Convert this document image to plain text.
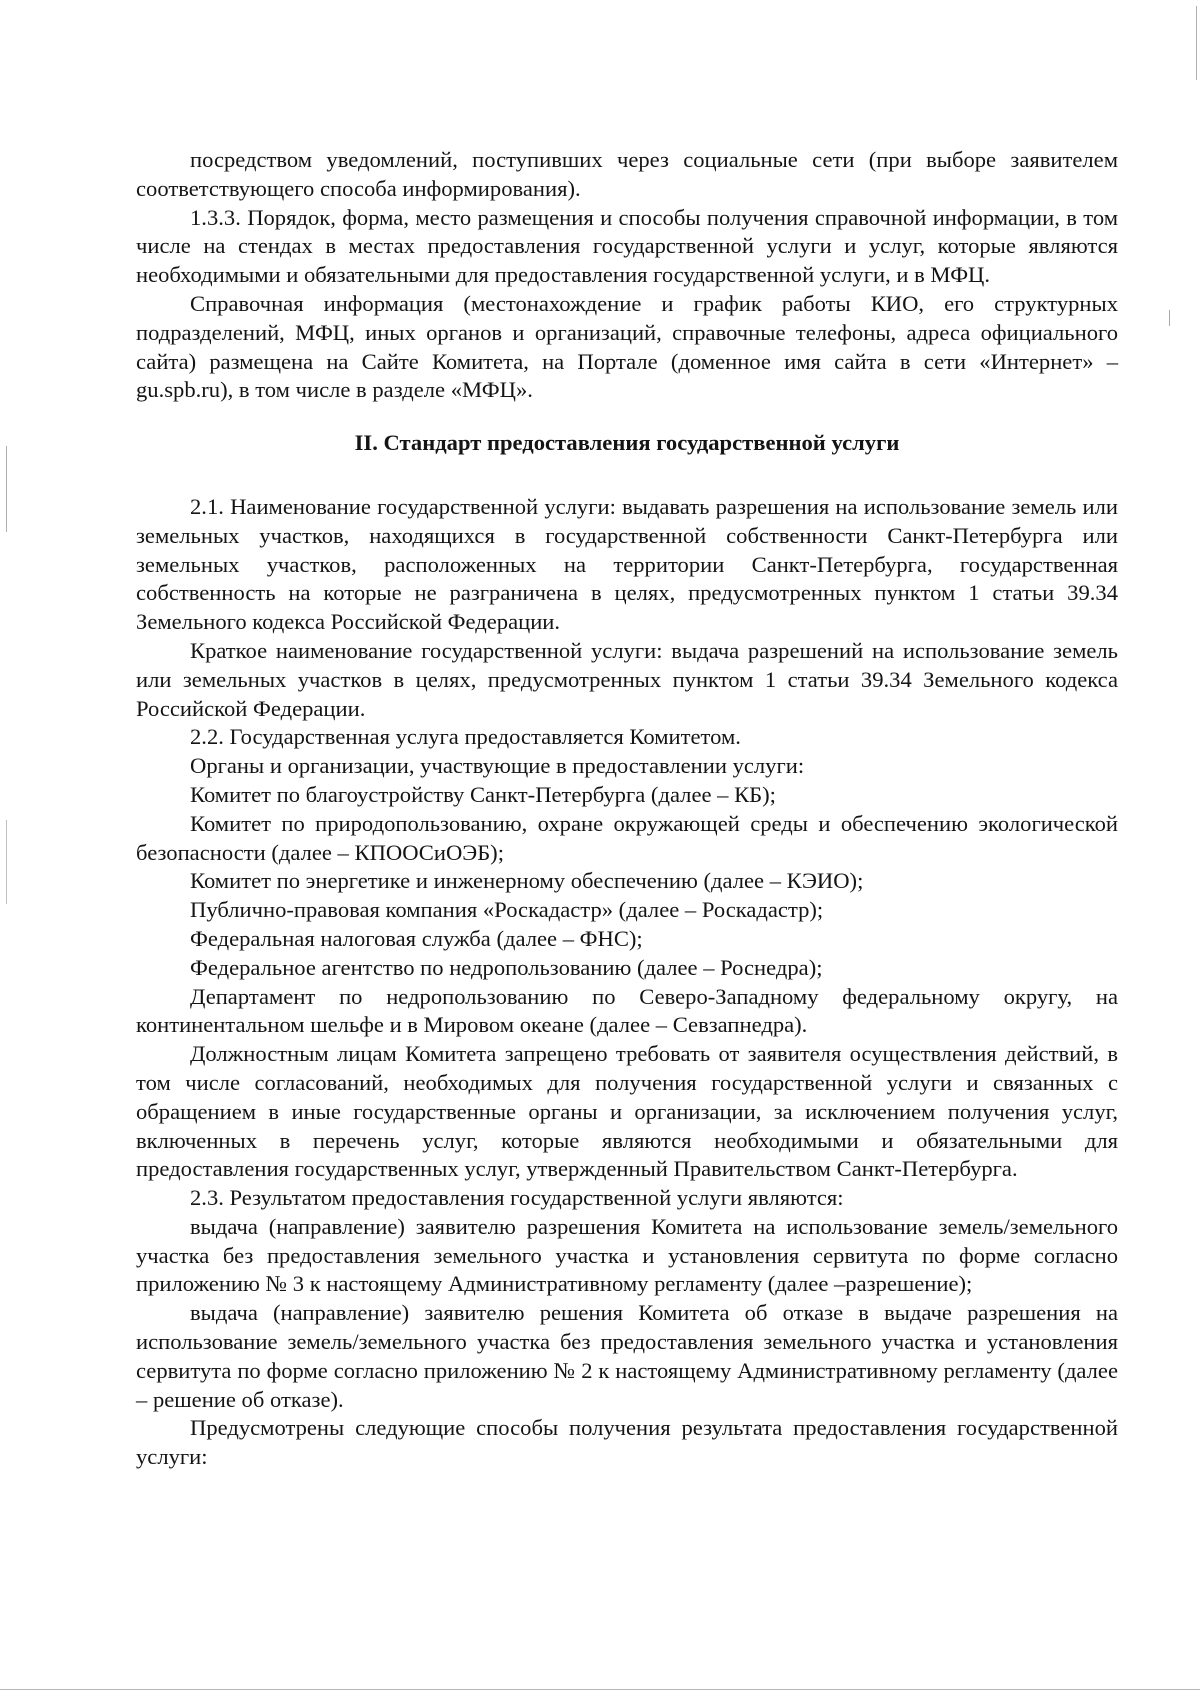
посредством уведомлений, поступивших через социальные сети (при выборе заявителем соответствующего способа информирования).

1.3.3. Порядок, форма, место размещения и способы получения справочной информации, в том числе на стендах в местах предоставления государственной услуги и услуг, которые являются необходимыми и обязательными для предоставления государственной услуги, и в МФЦ.

Справочная информация (местонахождение и график работы КИО, его структурных подразделений, МФЦ, иных органов и организаций, справочные телефоны, адреса официального сайта) размещена на Сайте Комитета, на Портале (доменное имя сайта в сети «Интернет» – gu.spb.ru), в том числе в разделе «МФЦ».

II. Стандарт предоставления государственной услуги

2.1. Наименование государственной услуги: выдавать разрешения на использование земель или земельных участков, находящихся в государственной собственности Санкт-Петербурга или земельных участков, расположенных на территории Санкт-Петербурга, государственная собственность на которые не разграничена в целях, предусмотренных пунктом 1 статьи 39.34 Земельного кодекса Российской Федерации.

Краткое наименование государственной услуги: выдача разрешений на использование земель или земельных участков в целях, предусмотренных пунктом 1 статьи 39.34 Земельного кодекса Российской Федерации.

2.2. Государственная услуга предоставляется Комитетом.

Органы и организации, участвующие в предоставлении услуги:

Комитет по благоустройству Санкт-Петербурга (далее – КБ);

Комитет по природопользованию, охране окружающей среды и обеспечению экологической безопасности (далее – КПООСиОЭБ);

Комитет по энергетике и инженерному обеспечению (далее – КЭИО);

Публично-правовая компания «Роскадастр» (далее – Роскадастр);

Федеральная налоговая служба (далее – ФНС);

Федеральное агентство по недропользованию (далее – Роснедра);

Департамент по недропользованию по Северо-Западному федеральному округу, на континентальном шельфе и в Мировом океане (далее – Севзапнедра).

Должностным лицам Комитета запрещено требовать от заявителя осуществления действий, в том числе согласований, необходимых для получения государственной услуги и связанных с обращением в иные государственные органы и организации, за исключением получения услуг, включенных в перечень услуг, которые являются необходимыми и обязательными для предоставления государственных услуг, утвержденный Правительством Санкт-Петербурга.

2.3. Результатом предоставления государственной услуги являются:

выдача (направление) заявителю разрешения Комитета на использование земель/земельного участка без предоставления земельного участка и установления сервитута по форме согласно приложению № 3 к настоящему Административному регламенту (далее –разрешение);

выдача (направление) заявителю решения Комитета об отказе в выдаче разрешения на использование земель/земельного участка без предоставления земельного участка и установления сервитута по форме согласно приложению № 2 к настоящему Административному регламенту (далее – решение об отказе).

Предусмотрены следующие способы получения результата предоставления государственной услуги:
